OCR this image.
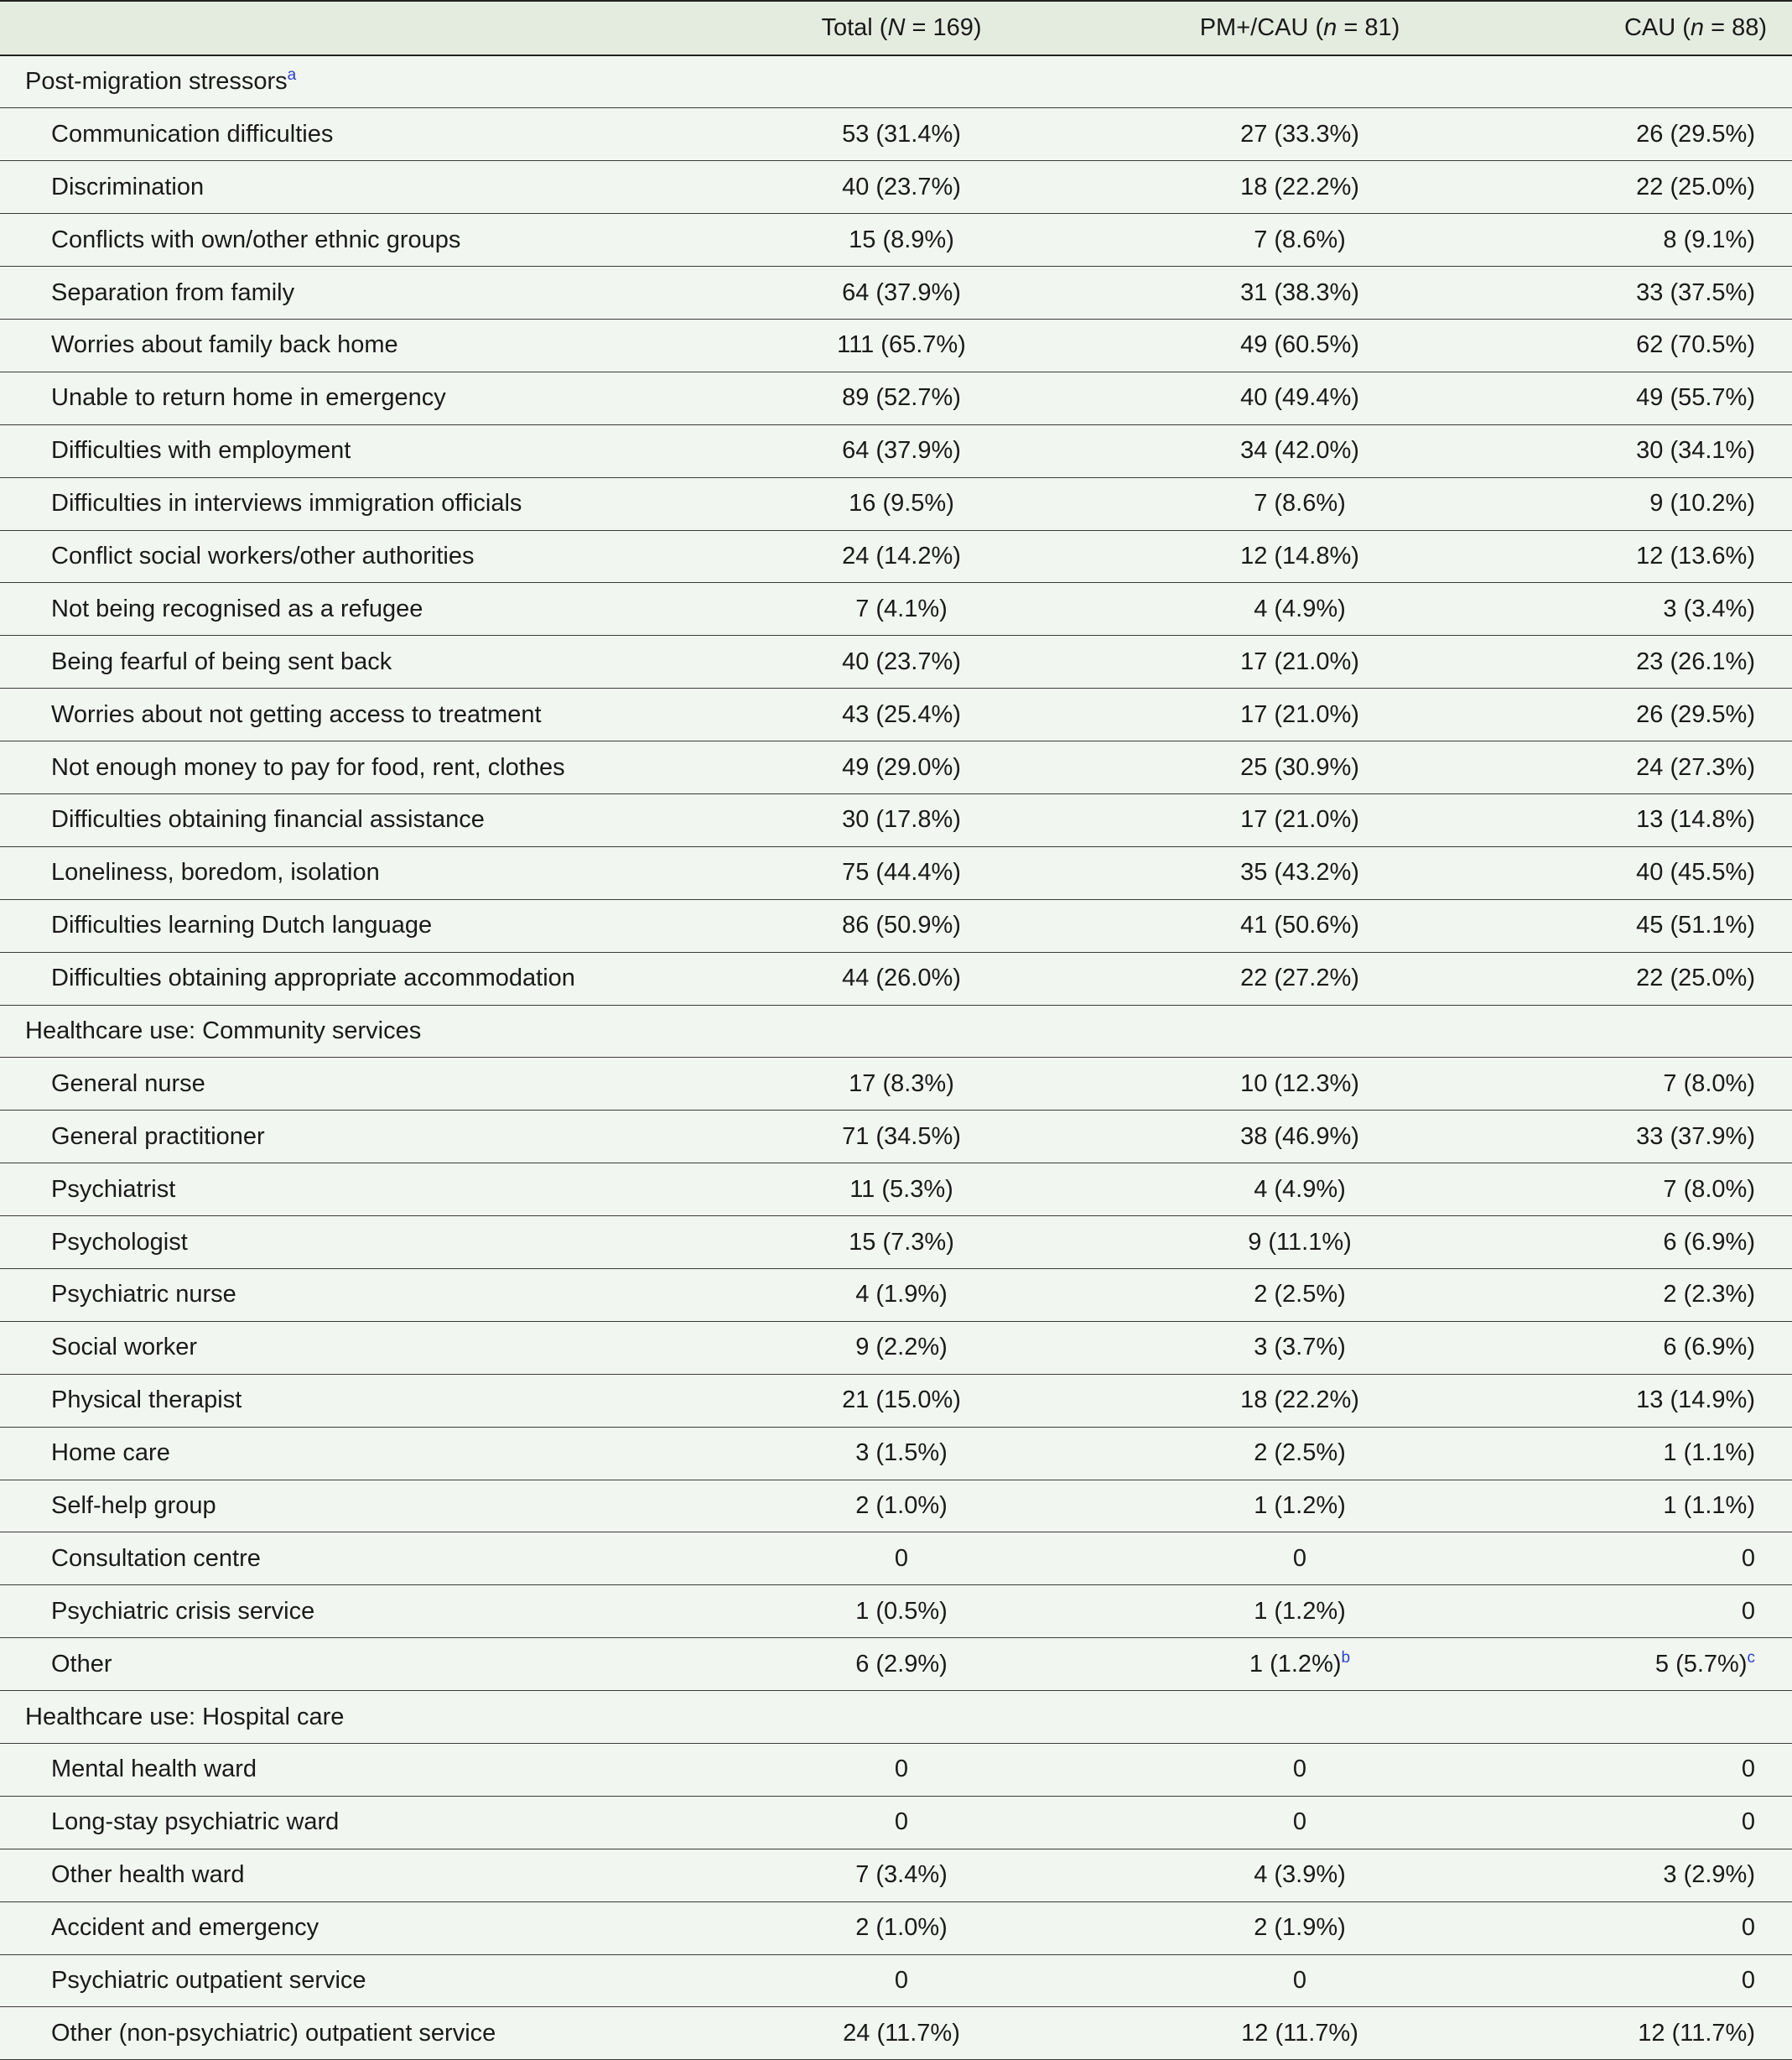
	Total (N = 169)	PM+/CAU (n = 81)	CAU (n = 88)
Post-migration stressors$^a$
Communication difficulties	53 (31.4%)	27 (33.3%)	26 (29.5%)
Discrimination	40 (23.7%)	18 (22.2%)	22 (25.0%)
Conflicts with own/other ethnic groups	15 (8.9%)	7 (8.6%)	8 (9.1%)
Separation from family	64 (37.9%)	31 (38.3%)	33 (37.5%)
Worries about family back home	111 (65.7%)	49 (60.5%)	62 (70.5%)
Unable to return home in emergency	89 (52.7%)	40 (49.4%)	49 (55.7%)
Difficulties with employment	64 (37.9%)	34 (42.0%)	30 (34.1%)
Difficulties in interviews immigration officials	16 (9.5%)	7 (8.6%)	9 (10.2%)
Conflict social workers/other authorities	24 (14.2%)	12 (14.8%)	12 (13.6%)
Not being recognised as a refugee	7 (4.1%)	4 (4.9%)	3 (3.4%)
Being fearful of being sent back	40 (23.7%)	17 (21.0%)	23 (26.1%)
Worries about not getting access to treatment	43 (25.4%)	17 (21.0%)	26 (29.5%)
Not enough money to pay for food, rent, clothes	49 (29.0%)	25 (30.9%)	24 (27.3%)
Difficulties obtaining financial assistance	30 (17.8%)	17 (21.0%)	13 (14.8%)
Loneliness, boredom, isolation	75 (44.4%)	35 (43.2%)	40 (45.5%)
Difficulties learning Dutch language	86 (50.9%)	41 (50.6%)	45 (51.1%)
Difficulties obtaining appropriate accommodation	44 (26.0%)	22 (27.2%)	22 (25.0%)
Healthcare use: Community services			
General nurse	17 (8.3%)	10 (12.3%)	7 (8.0%)
General practitioner	71 (34.5%)	38 (46.9%)	33 (37.9%)
Psychiatrist	11 (5.3%)	4 (4.9%)	7 (8.0%)
Psychologist	15 (7.3%)	9 (11.1%)	6 (6.9%)
Psychiatric nurse	4 (1.9%)	2 (2.5%)	2 (2.3%)
Social worker	9 (2.2%)	3 (3.7%)	6 (6.9%)
Physical therapist	21 (15.0%)	18 (22.2%)	13 (14.9%)
Home care	3 (1.5%)	2 (2.5%)	1 (1.1%)
Self-help group	2 (1.0%)	1 (1.2%)	1 (1.1%)
Consultation centre	0	0	0
Psychiatric crisis service	1 (0.5%)	1 (1.2%)	0
Other	6 (2.9%)	1 (1.2%)$^b$	5 (5.7%)$^c$
Healthcare use: Hospital care			
Mental health ward	0	0	0
Long-stay psychiatric ward	0	0	0
Other health ward	7 (3.4%)	4 (3.9%)	3 (2.9%)
Accident and emergency	2 (1.0%)	2 (1.9%)	0
Psychiatric outpatient service	0	0	0
Other (non-psychiatric) outpatient service	24 (11.7%)	12 (11.7%)	12 (11.7%)
